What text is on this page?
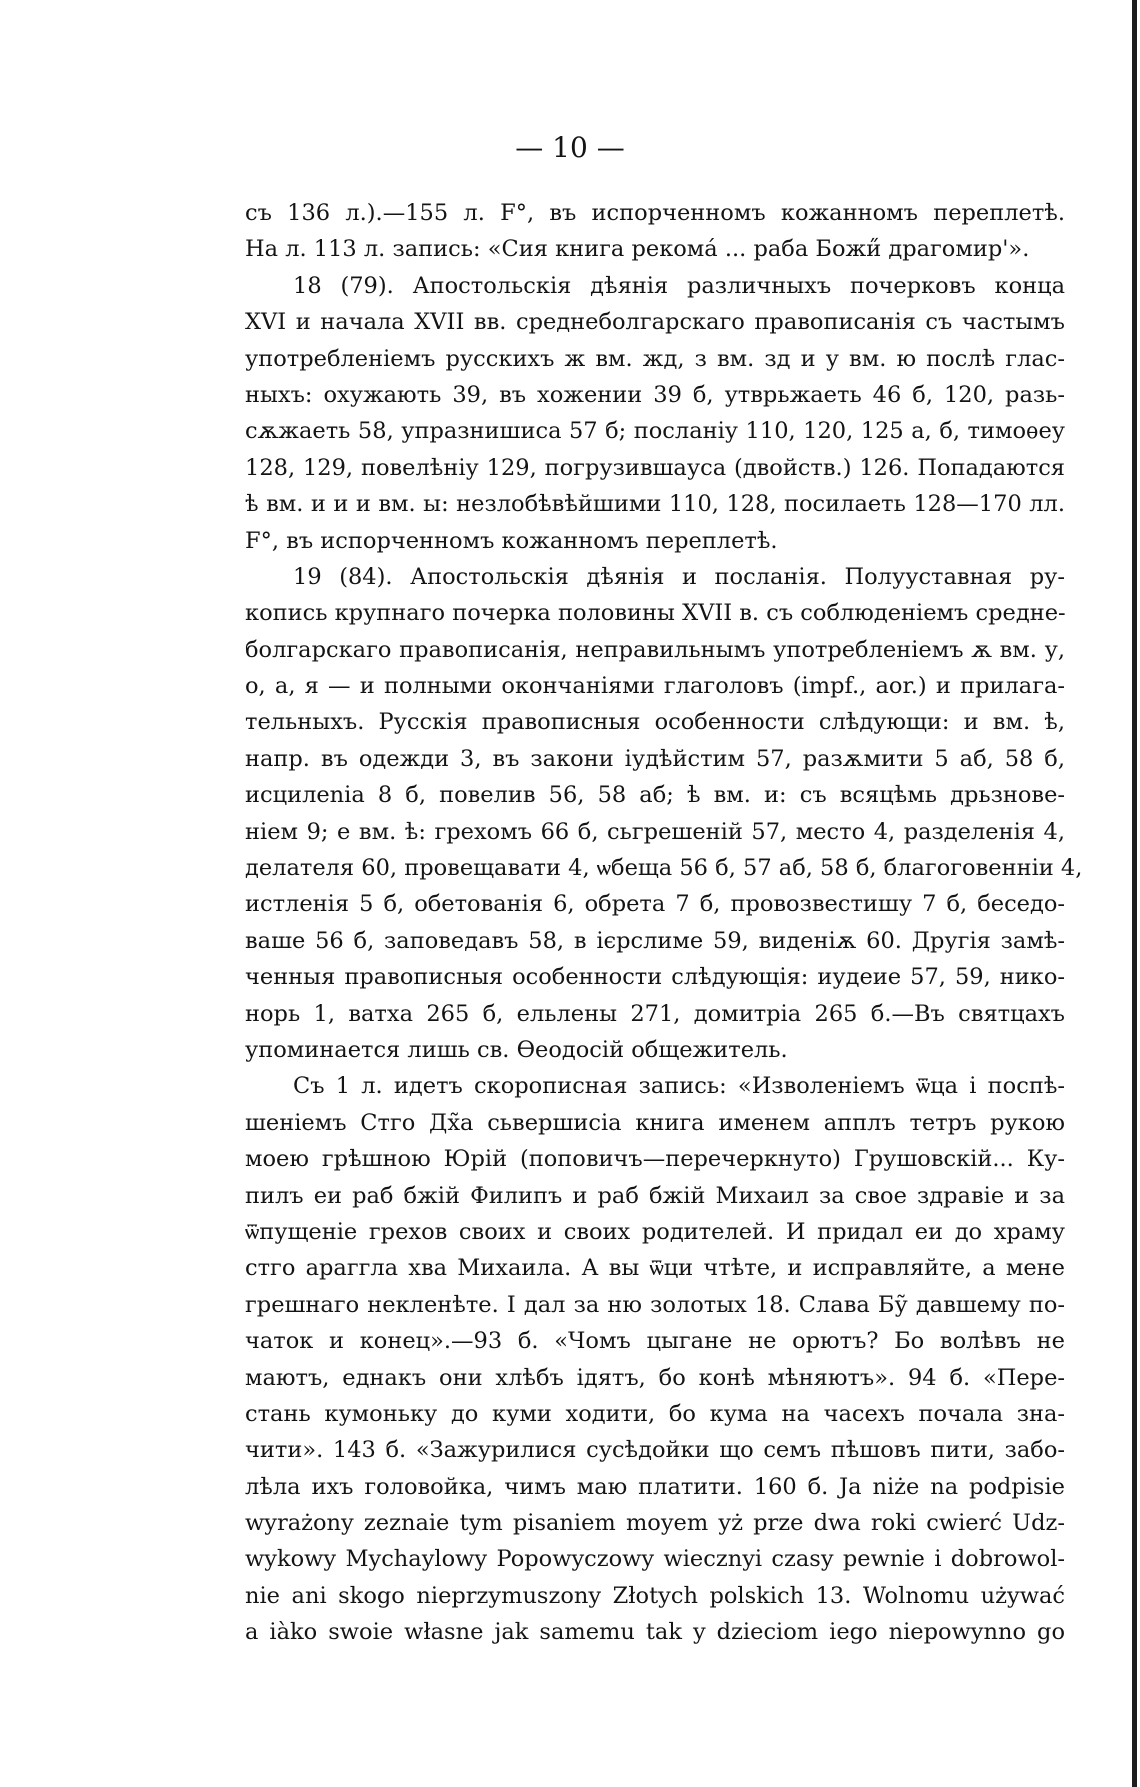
— 10 —
съ 136 л.).—155 л. F°, въ испорченномъ кожанномъ переплетѣ.
На л. 113 л. запись: «Сия книга рекомá ... раба Божи̋ драгомир'».
18 (79). Апостольскія дѣянія различныхъ почерковъ конца
XVI и начала XVII вв. среднеболгарскаго правописанія съ частымъ
употребленіемъ русскихъ ж вм. жд, з вм. зд и у вм. ю послѣ глас-
ныхъ: охужають 39, въ хожении 39 б, утврьжаеть 46 б, 120, разь-
сѫжаеть 58, упразнишиса 57 б; посланіу 110, 120, 125 а, б, тимоѳеу
128, 129, повелѣніу 129, погрузившауса (двойств.) 126. Попадаются
ѣ вм. и и и вм. ы: незлобѣвѣйшими 110, 128, посилаеть 128—170 лл.
F°, въ испорченномъ кожанномъ переплетѣ.
19 (84). Апостольскія дѣянія и посланія. Полууставная ру-
копись крупнаго почерка половины XVII в. съ соблюденіемъ средне-
болгарскаго правописанія, неправильнымъ употребленіемъ ѫ вм. у,
о, а, я — и полными окончаніями глаголовъ (impf., aor.) и прилага-
тельныхъ. Русскія правописныя особенности слѣдующи: и вм. ѣ,
напр. въ одежди 3, въ закони іудѣйстим 57, разѫмити 5 аб, 58 б,
исцилеnia 8 б, повелив 56, 58 аб; ѣ вм. и: съ всяцѣмь дрьзнове-
ніем 9; е вм. ѣ: грехомъ 66 б, сьгрешеній 57, место 4, разделенія 4,
делателя 60, провещавати 4, ѡбеща 56 б, 57 аб, 58 б, благоговенніи 4,
истленія 5 б, обетованія 6, обрета 7 б, провозвестишу 7 б, беседо-
ваше 56 б, заповедавъ 58, в ієрслиме 59, виденіѫ 60. Другія замѣ-
ченныя правописныя особенности слѣдующія: иудеие 57, 59, нико-
норь 1, ватха 265 б, ельлены 271, домитріа 265 б.—Въ святцахъ
упоминается лишь св. Ѳеодосій общежитель.
Съ 1 л. идетъ скорописная запись: «Изволеніемъ ѿца і поспѣ-
шеніемъ Стго Дх̃а сьвершисіа книга именем апплъ тетръ рукою
моею грѣшною Юрій (поповичъ—перечеркнуто) Грушовскій... Ку-
пилъ еи раб бжій Филипъ и раб бжій Михаил за свое здравіе и за
ѿпущеніе грехов своих и своих родителей. И придал еи до храму
стго араггла хва Михаила. А вы ѿци чтѣте, и исправляйте, а мене
грешнаго некленѣте. І дал за ню золотых 18. Слава Бу̃ давшему по-
чаток и конец».—93 б. «Чомъ цыгане не орютъ? Бо волѣвъ не
маютъ, еднакъ они хлѣбъ ідятъ, бо конѣ мѣняютъ». 94 б. «Пере-
стань кумоньку до куми ходити, бо кума на часехъ почала зна-
чити». 143 б. «Зажурилися сусѣдойки що семъ пѣшовъ пити, забо-
лѣла ихъ головойка, чимъ маю платити. 160 б. Ja niże na podpisie
wyrażony zeznaie tym pisaniem moyem yż prze dwa roki cwierć Udz-
wykowy Mychaylowy Popowyczowy wiecznyi czasy pewnie i dobrowol-
nie ani skogo nieprzymuszony Złotych polskich 13. Wolnomu używać
a iàko swoie własne jak samemu tak y dzieciom iego niepowynno go
